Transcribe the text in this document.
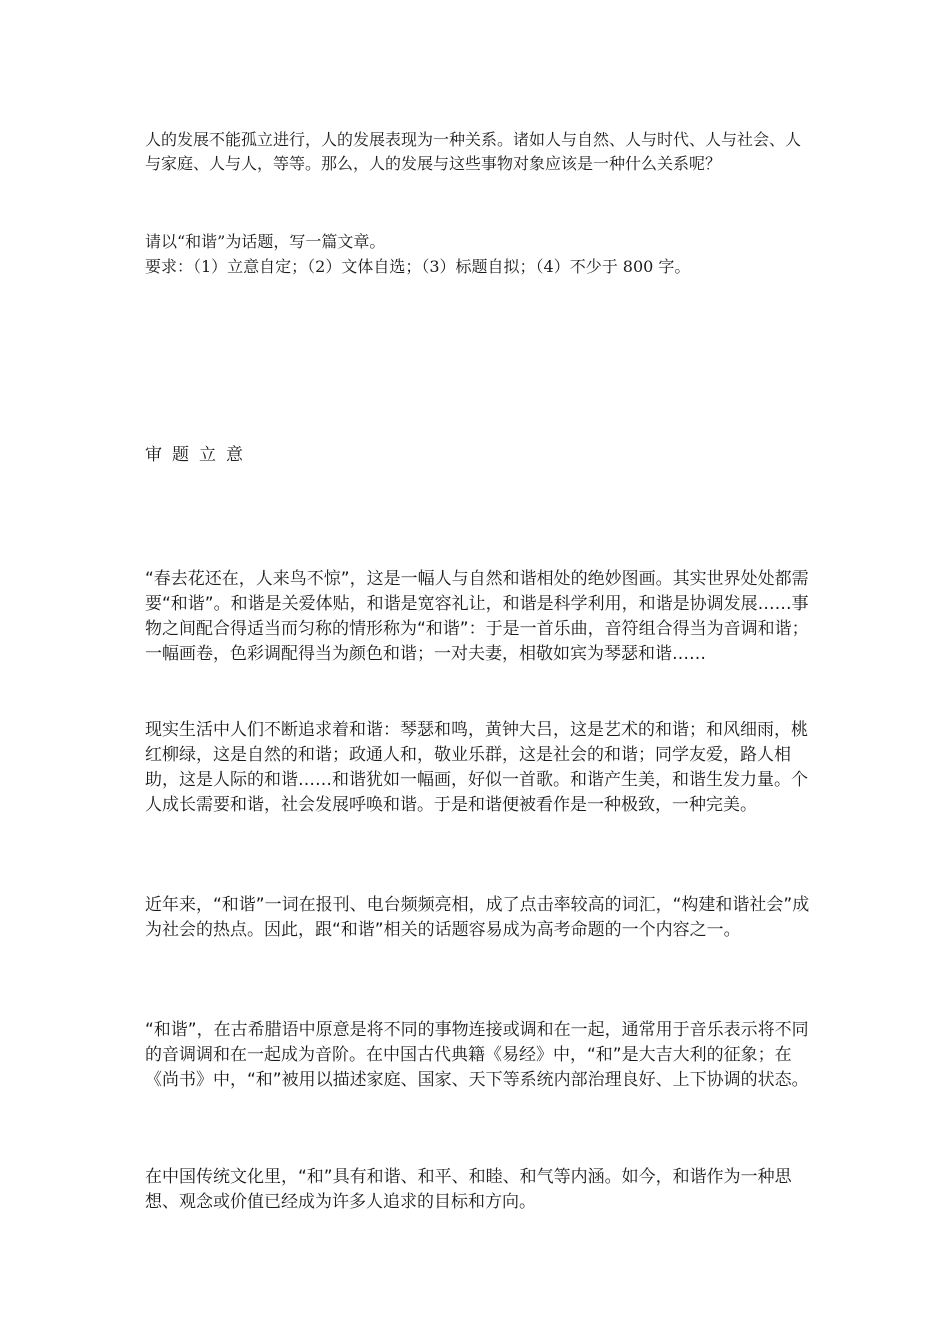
人的发展不能孤立进行，人的发展表现为一种关系。诸如人与自然、人与时代、人与社会、人与家庭、人与人，等等。那么，人的发展与这些事物对象应该是一种什么关系呢？

请以“和谐”为话题，写一篇文章。

要求：（1）立意自定；（2）文体自选；（3）标题自拟；（4）不少于 800 字。

审题立意

“春去花还在，人来鸟不惊”，这是一幅人与自然和谐相处的绝妙图画。其实世界处处都需要“和谐”。和谐是关爱体贴，和谐是宽容礼让，和谐是科学利用，和谐是协调发展……事物之间配合得适当而匀称的情形称为“和谐”：于是一首乐曲，音符组合得当为音调和谐；一幅画卷，色彩调配得当为颜色和谐；一对夫妻，相敬如宾为琴瑟和谐……

现实生活中人们不断追求着和谐：琴瑟和鸣，黄钟大吕，这是艺术的和谐；和风细雨，桃红柳绿，这是自然的和谐；政通人和，敬业乐群，这是社会的和谐；同学友爱，路人相助，这是人际的和谐……和谐犹如一幅画，好似一首歌。和谐产生美，和谐生发力量。个人成长需要和谐，社会发展呼唤和谐。于是和谐便被看作是一种极致，一种完美。

近年来，“和谐”一词在报刊、电台频频亮相，成了点击率较高的词汇，“构建和谐社会”成为社会的热点。因此，跟“和谐”相关的话题容易成为高考命题的一个内容之一。

“和谐”，在古希腊语中原意是将不同的事物连接或调和在一起，通常用于音乐表示将不同的音调调和在一起成为音阶。在中国古代典籍《易经》中，“和”是大吉大利的征象；在《尚书》中，“和”被用以描述家庭、国家、天下等系统内部治理良好、上下协调的状态。

在中国传统文化里，“和”具有和谐、和平、和睦、和气等内涵。如今，和谐作为一种思想、观念或价值已经成为许多人追求的目标和方向。
